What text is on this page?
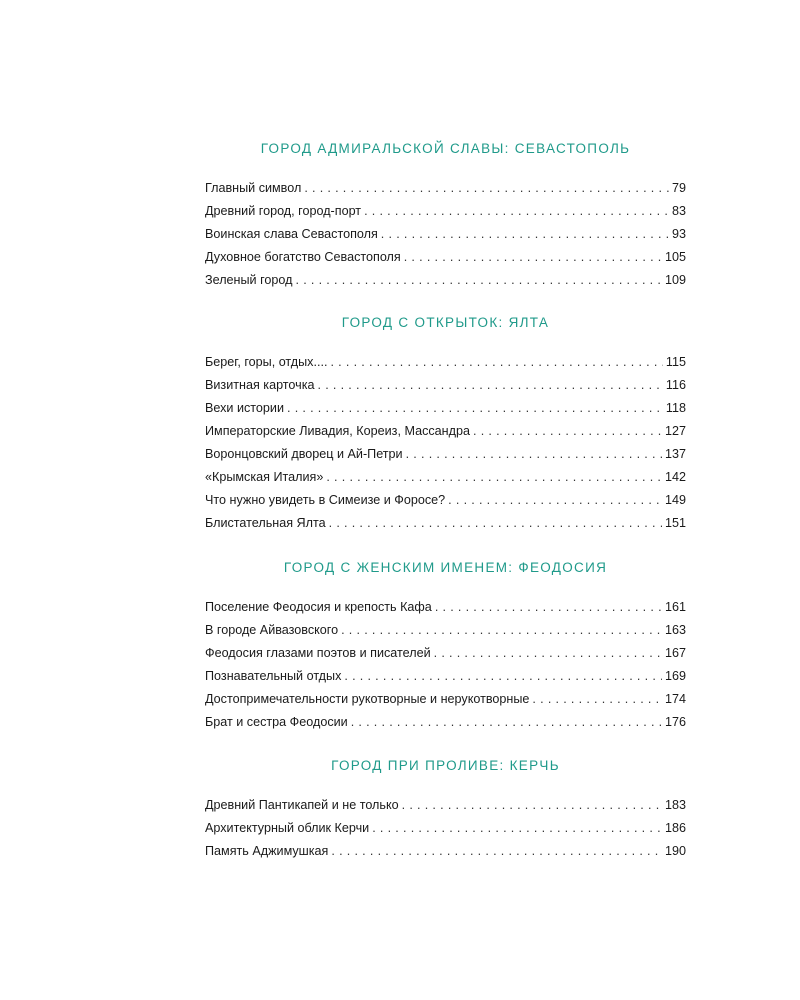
ГОРОД АДМИРАЛЬСКОЙ СЛАВЫ: СЕВАСТОПОЛЬ
Главный символ .....	79
Древний город, город-порт .....	83
Воинская слава Севастополя .....	93
Духовное богатство Севастополя .....	105
Зеленый город .....	109
ГОРОД С ОТКРЫТОК: ЯЛТА
Берег, горы, отдых.... .....	115
Визитная карточка .....	116
Вехи истории .....	118
Императорские Ливадия, Кореиз, Массандра .....	127
Воронцовский дворец и Ай-Петри .....	137
«Крымская Италия» .....	142
Что нужно увидеть в Симеизе и Форосе? .....	149
Блистательная Ялта .....	151
ГОРОД С ЖЕНСКИМ ИМЕНЕМ: ФЕОДОСИЯ
Поселение Феодосия и крепость Кафа .....	161
В городе Айвазовского .....	163
Феодосия глазами поэтов и писателей .....	167
Познавательный отдых .....	169
Достопримечательности рукотворные и нерукотворные .....	174
Брат и сестра Феодосии .....	176
ГОРОД ПРИ ПРОЛИВЕ: КЕРЧЬ
Древний Пантикапей и не только .....	183
Архитектурный облик Керчи .....	186
Память Аджимушкая .....	190
